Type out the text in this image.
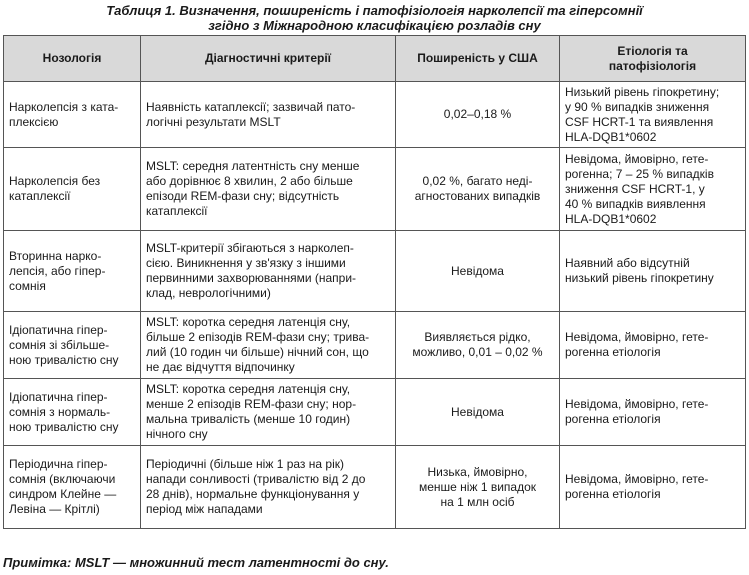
Таблиця 1. Визначення, поширеність і патофізіологія нарколепсії та гіперсомнії
згідно з Міжнародною класифікацією розладів сну
Нозологія	Діагностичні критерії	Поширеність у США	Етіологія та
патофізіологія
Нарколепсія з ката-
плексією	Наявність катаплексії; зазвичай пато-
логічні результати MSLT	0,02–0,18 %	Низький рівень гіпокретину;
у 90 % випадків зниження
CSF HCRT-1 та виявлення
HLA-DQB1*0602
Нарколепсія без
катаплексії	MSLT: середня латентність сну менше
або дорівнює 8 хвилин, 2 або більше
епізоди REM-фази сну; відсутність
катаплексії	0,02 %, багато неді-
агностованих випадків	Невідома, ймовірно, гете-
рогенна; 7 – 25 % випадків
зниження CSF HCRT-1, у
40 % випадків виявлення
HLA-DQB1*0602
Вторинна нарко-
лепсія, або гіпер-
сомнія	MSLT-критерії збігаються з нарколеп-
сією. Виникнення у зв'язку з іншими
первинними захворюваннями (напри-
клад, неврологічними)	Невідома	Наявний або відсутній
низький рівень гіпокретину
Ідіопатична гіпер-
сомнія зі збільше-
ною тривалістю сну	MSLT: коротка середня латенція сну,
більше 2 епізодів REM-фази сну; трива-
лий (10 годин чи більше) нічний сон, що
не дає відчуття відпочинку	Виявляється рідко,
можливо, 0,01 – 0,02 %	Невідома, ймовірно, гете-
рогенна етіологія
Ідіопатична гіпер-
сомнія з нормаль-
ною тривалістю сну	MSLT: коротка середня латенція сну,
менше 2 епізодів REM-фази сну; нор-
мальна тривалість (менше 10 годин)
нічного сну	Невідома	Невідома, ймовірно, гете-
рогенна етіологія
Періодична гіпер-
сомнія (включаючи
синдром Клейне —
Левіна — Крітлі)	Періодичні (більше ніж 1 раз на рік)
напади сонливості (тривалістю від 2 до
28 днів), нормальне функціонування у
період між нападами	Низька, ймовірно,
менше ніж 1 випадок
на 1 млн осіб	Невідома, ймовірно, гете-
рогенна етіологія
Примітка: MSLT — множинний тест латентності до сну.
